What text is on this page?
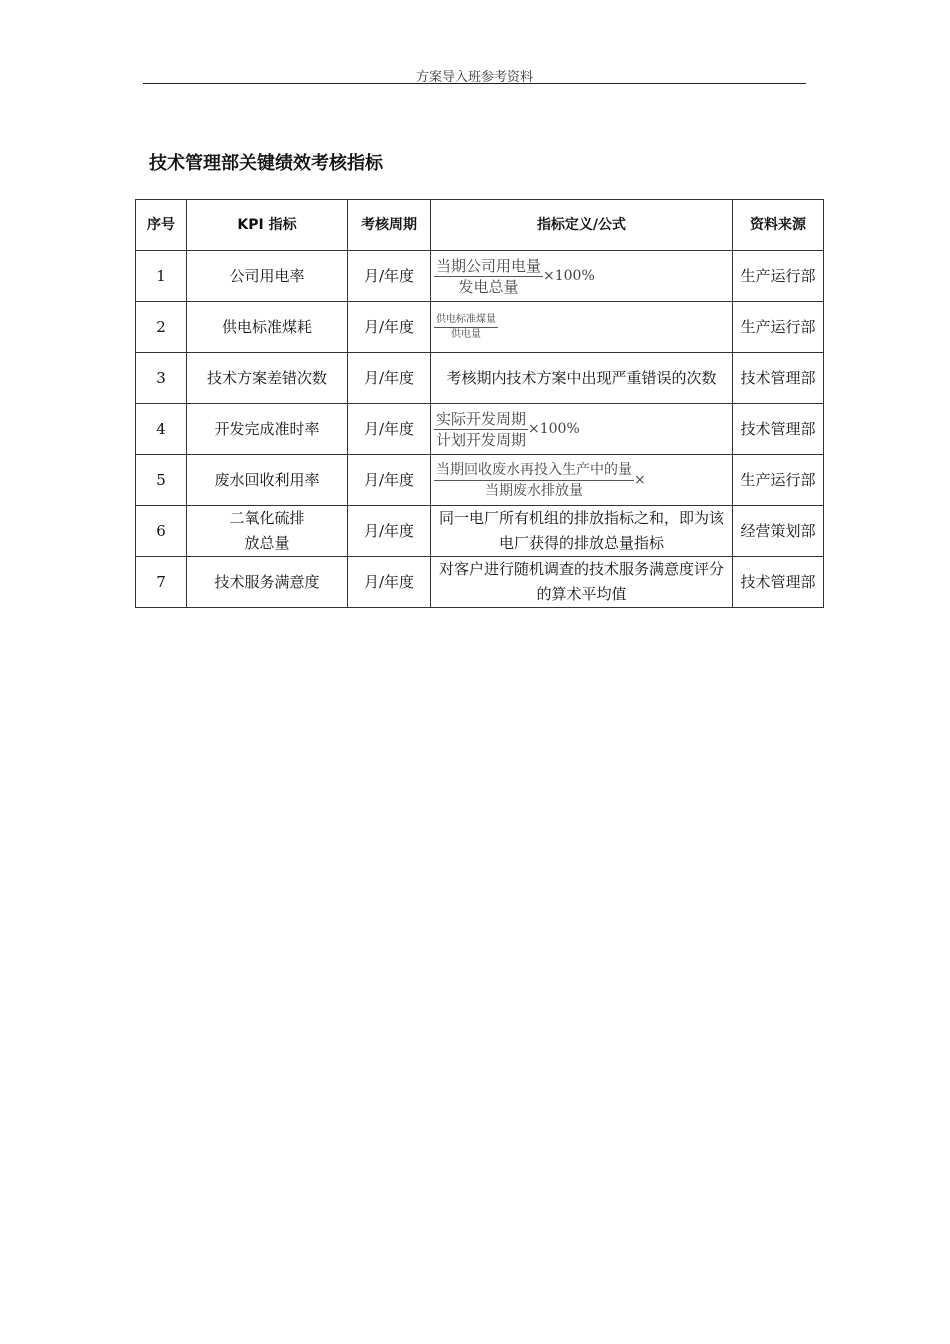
方案导入班参考资料
技术管理部关键绩效考核指标
序号	KPI 指标	考核周期	指标定义/公式	资料来源
1	公司用电率	月/年度	$\frac{\text{当期公司用电量}}{\text{发电总量}} \times 100\%$	生产运行部
2	供电标准煤耗	月/年度	$\frac{\text{供电标准煤量}}{\text{供电量}}$	生产运行部
3	技术方案差错次数	月/年度	考核期内技术方案中出现严重错误的次数	技术管理部
4	开发完成准时率	月/年度	$\frac{\text{实际开发周期}}{\text{计划开发周期}} \times 100\%$	技术管理部
5	废水回收利用率	月/年度	$\frac{\text{当期回收废水再投入生产中的量}}{\text{当期废水排放量}}$ ×	生产运行部
6	二氧化硫排放总量	月/年度	同一电厂所有机组的排放指标之和，即为该电厂获得的排放总量指标	经营策划部
7	技术服务满意度	月/年度	对客户进行随机调查的技术服务满意度评分的算术平均值	技术管理部
